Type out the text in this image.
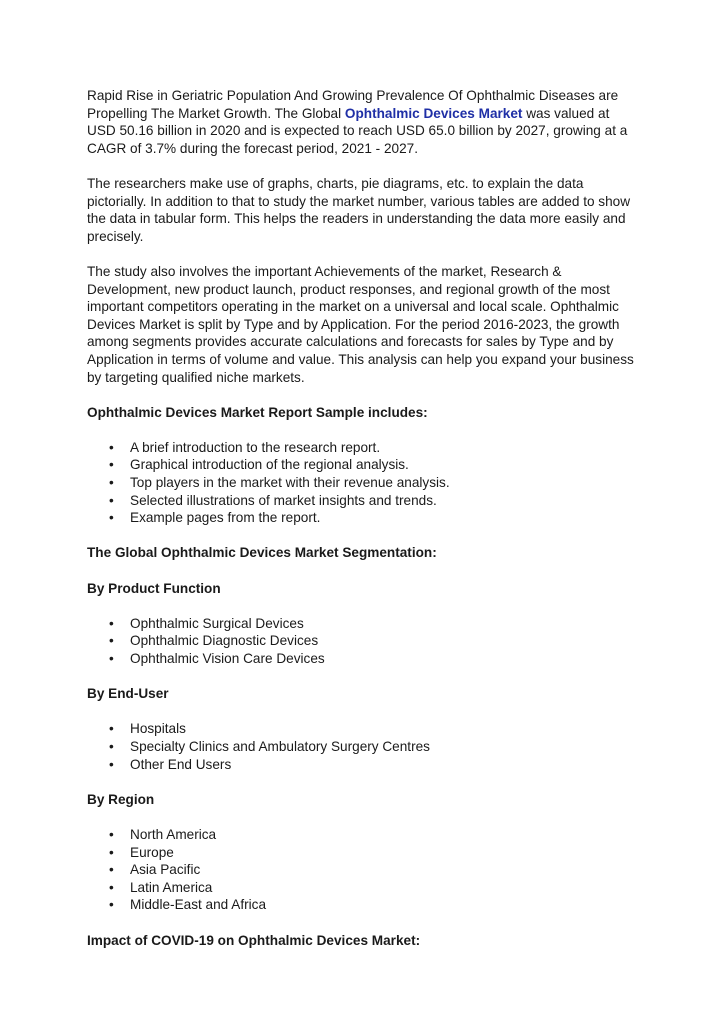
Rapid Rise in Geriatric Population And Growing Prevalence Of Ophthalmic Diseases are Propelling The Market Growth. The Global Ophthalmic Devices Market was valued at USD 50.16 billion in 2020 and is expected to reach USD 65.0 billion by 2027, growing at a CAGR of 3.7% during the forecast period, 2021 - 2027.

The researchers make use of graphs, charts, pie diagrams, etc. to explain the data pictorially. In addition to that to study the market number, various tables are added to show the data in tabular form. This helps the readers in understanding the data more easily and precisely.

The study also involves the important Achievements of the market, Research & Development, new product launch, product responses, and regional growth of the most important competitors operating in the market on a universal and local scale. Ophthalmic Devices Market is split by Type and by Application. For the period 2016-2023, the growth among segments provides accurate calculations and forecasts for sales by Type and by Application in terms of volume and value. This analysis can help you expand your business by targeting qualified niche markets.

Ophthalmic Devices Market Report Sample includes:
•	A brief introduction to the research report.
•	Graphical introduction of the regional analysis.
•	Top players in the market with their revenue analysis.
•	Selected illustrations of market insights and trends.
•	Example pages from the report.
The Global Ophthalmic Devices Market Segmentation:
By Product Function
•	Ophthalmic Surgical Devices
•	Ophthalmic Diagnostic Devices
•	Ophthalmic Vision Care Devices
By End-User
•	Hospitals
•	Specialty Clinics and Ambulatory Surgery Centres
•	Other End Users
By Region
•	North America
•	Europe
•	Asia Pacific
•	Latin America
•	Middle-East and Africa
Impact of COVID-19 on Ophthalmic Devices Market:
